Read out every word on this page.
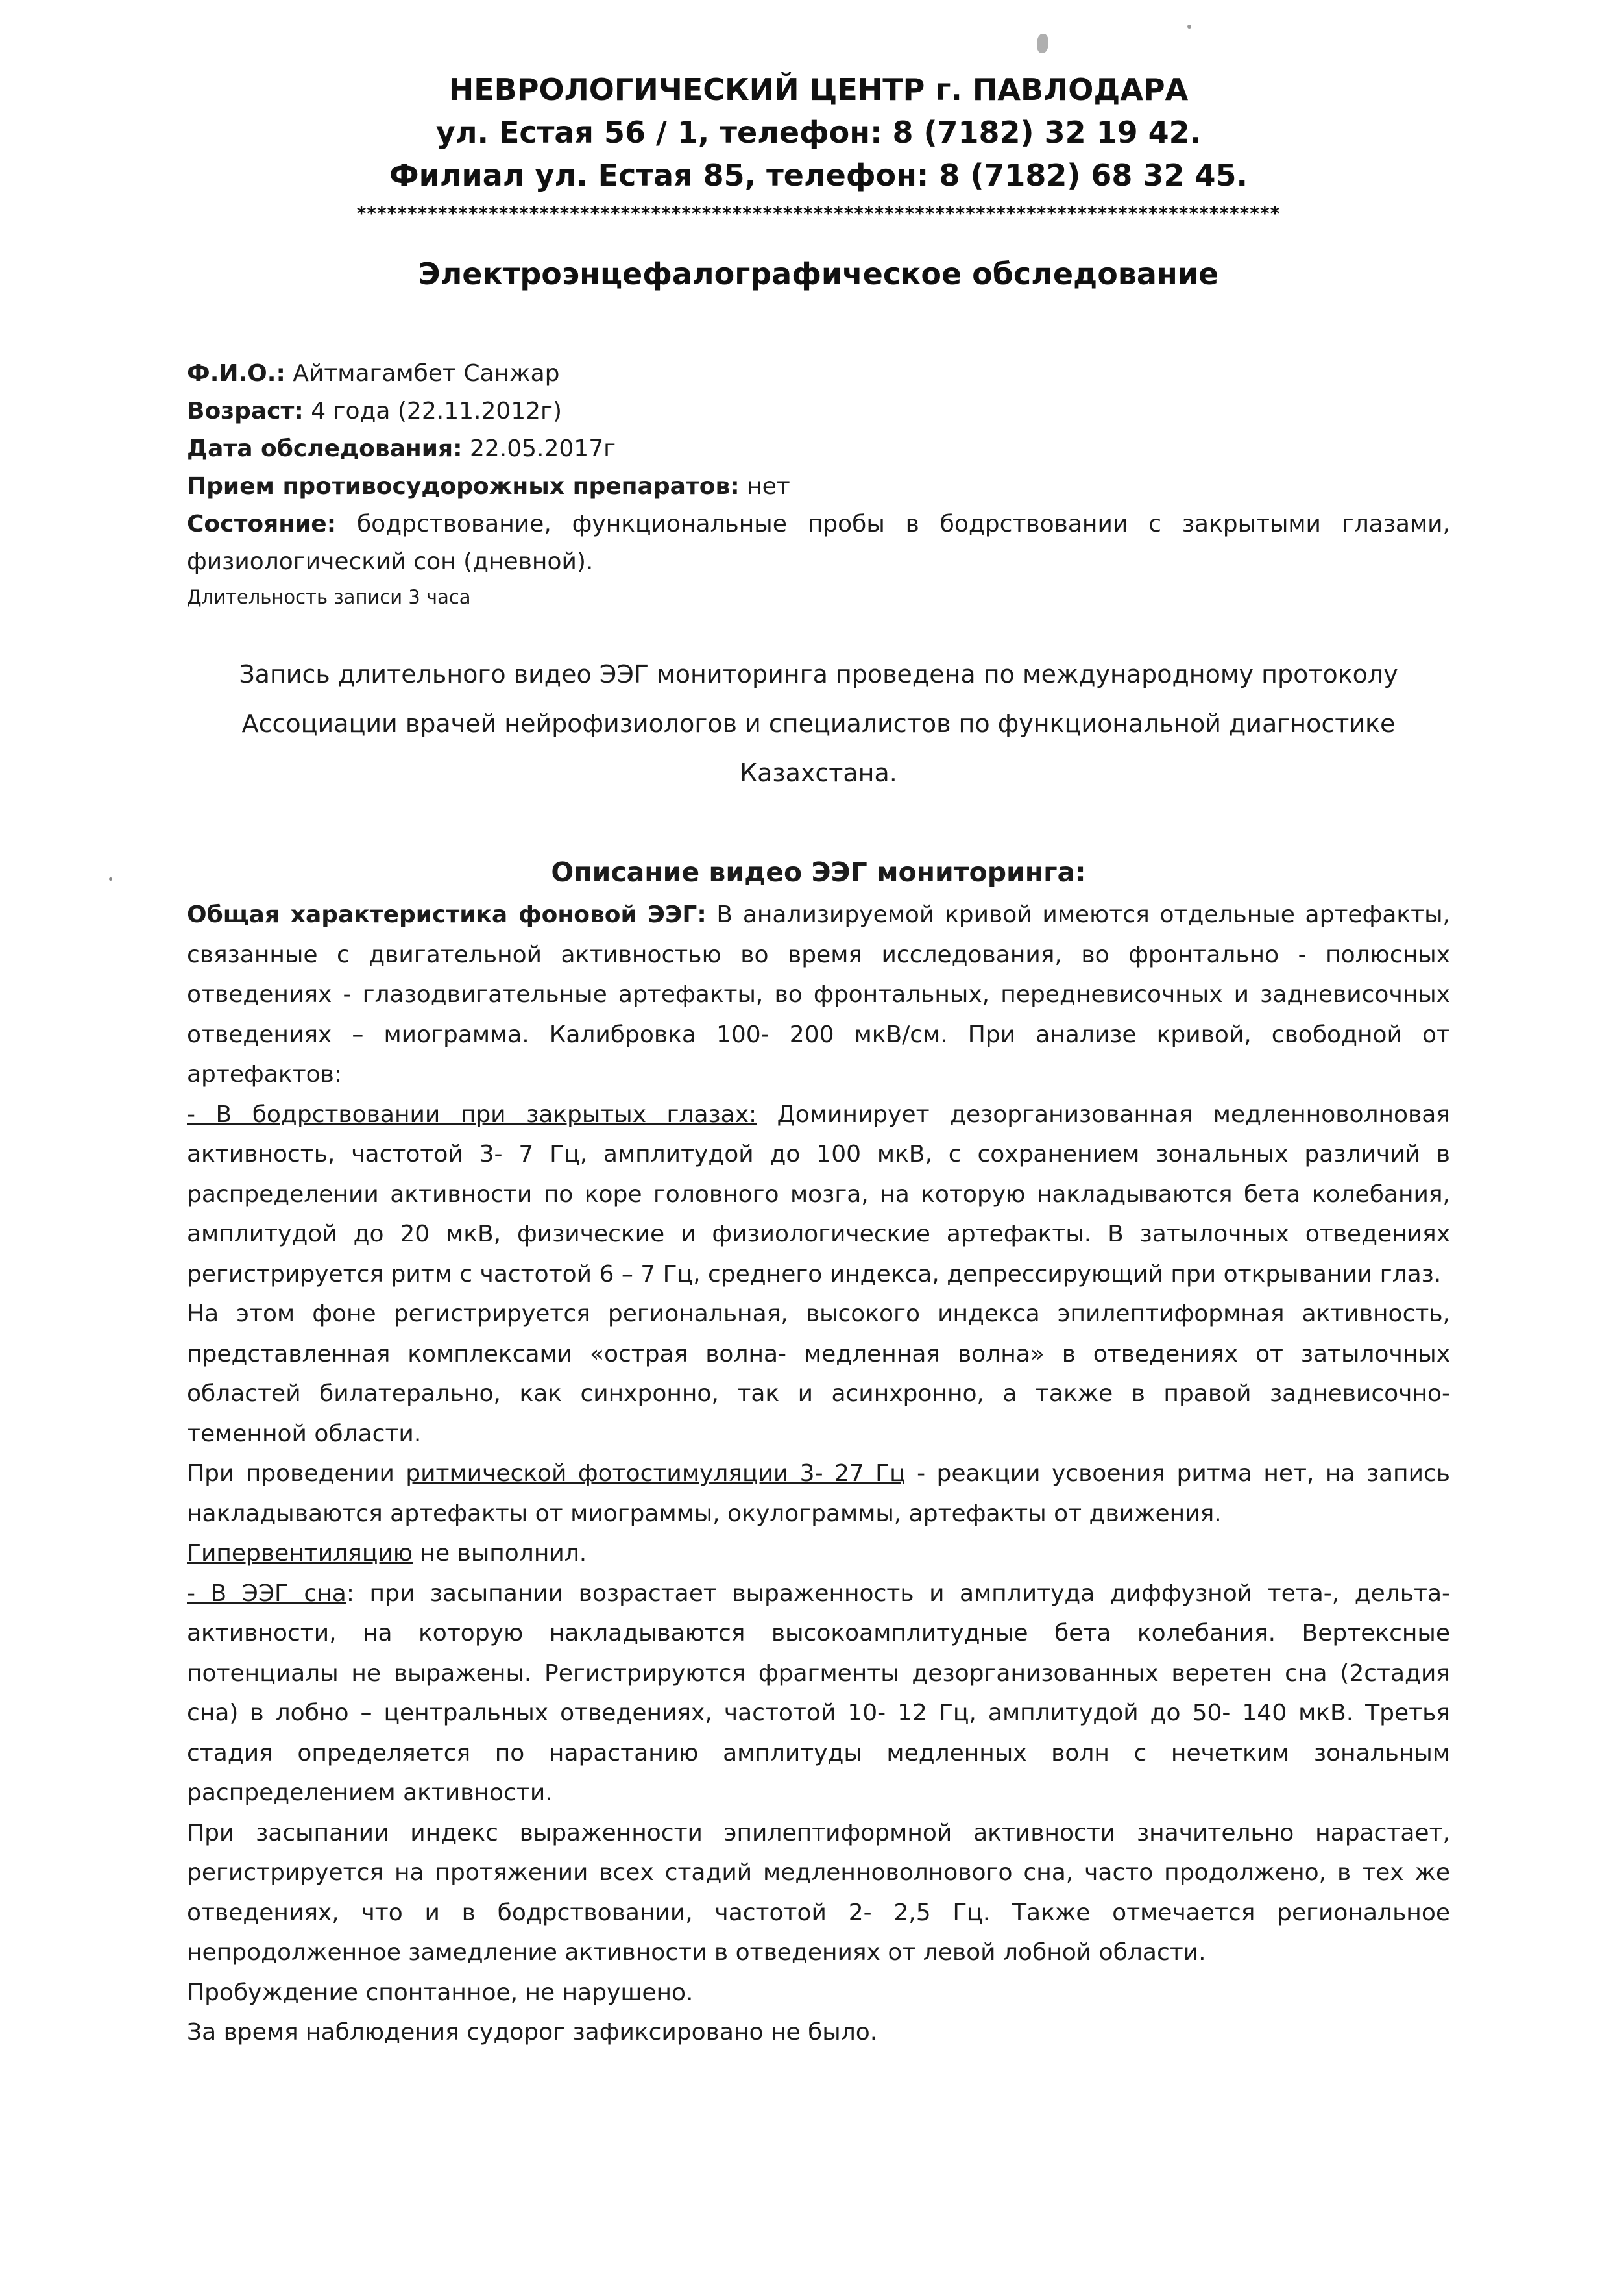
НЕВРОЛОГИЧЕСКИЙ ЦЕНТР г. ПАВЛОДАРА
ул. Естая 56 / 1, телефон: 8 (7182) 32 19 42.
Филиал ул. Естая 85, телефон: 8 (7182) 68 32 45.
*******************************************************************************************
Электроэнцефалографическое обследование
Ф.И.О.: Айтмагамбет Санжар
Возраст: 4 года (22.11.2012г)
Дата обследования: 22.05.2017г
Прием противосудорожных препаратов: нет
Состояние: бодрствование, функциональные пробы в бодрствовании с закрытыми глазами, физиологический сон (дневной).
Длительность записи 3 часа
Запись длительного видео ЭЭГ мониторинга проведена по международному протоколу Ассоциации врачей нейрофизиологов и специалистов по функциональной диагностике Казахстана.
Описание видео ЭЭГ мониторинга:

Общая характеристика фоновой ЭЭГ: В анализируемой кривой имеются отдельные артефакты, связанные с двигательной активностью во время исследования, во фронтально - полюсных отведениях - глазодвигательные артефакты, во фронтальных, передневисочных и задневисочных отведениях – миограмма. Калибровка 100- 200 мкВ/см. При анализе кривой, свободной от артефактов:

- В бодрствовании при закрытых глазах: Доминирует дезорганизованная медленноволновая активность, частотой 3- 7 Гц, амплитудой до 100 мкВ, с сохранением зональных различий в распределении активности по коре головного мозга, на которую накладываются бета колебания, амплитудой до 20 мкВ, физические и физиологические артефакты. В затылочных отведениях регистрируется ритм с частотой 6 – 7 Гц, среднего индекса, депрессирующий при открывании глаз.

На этом фоне регистрируется региональная, высокого индекса эпилептиформная активность, представленная комплексами «острая волна- медленная волна» в отведениях от затылочных областей билатерально, как синхронно, так и асинхронно, а также в правой задневисочно- теменной области.

При проведении ритмической фотостимуляции 3- 27 Гц - реакции усвоения ритма нет, на запись накладываются артефакты от миограммы, окулограммы, артефакты от движения.

Гипервентиляцию не выполнил.

- В ЭЭГ сна: при засыпании возрастает выраженность и амплитуда диффузной тета-, дельта- активности, на которую накладываются высокоамплитудные бета колебания. Вертексные потенциалы не выражены. Регистрируются фрагменты дезорганизованных веретен сна (2стадия сна) в лобно – центральных отведениях, частотой 10- 12 Гц, амплитудой до 50- 140 мкВ. Третья стадия определяется по нарастанию амплитуды медленных волн с нечетким зональным распределением активности.

При засыпании индекс выраженности эпилептиформной активности значительно нарастает, регистрируется на протяжении всех стадий медленноволнового сна, часто продолжено, в тех же отведениях, что и в бодрствовании, частотой 2- 2,5 Гц. Также отмечается региональное непродолженное замедление активности в отведениях от левой лобной области.

Пробуждение спонтанное, не нарушено.

За время наблюдения судорог зафиксировано не было.
